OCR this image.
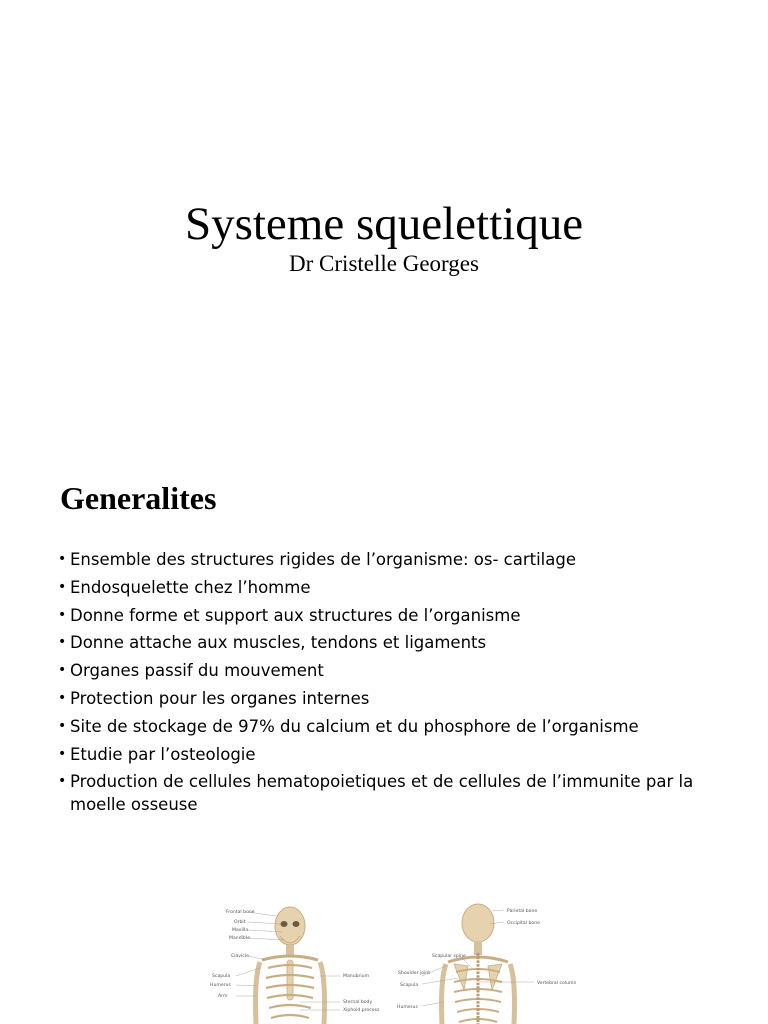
Systeme squelettique
Dr Cristelle Georges
Generalites
• Ensemble des structures rigides de l’organisme: os- cartilage
• Endosquelette chez l’homme
• Donne forme et support aux structures de l’organisme
• Donne attache aux muscles, tendons et ligaments
• Organes passif du mouvement
• Protection pour les organes internes
• Site de stockage de 97% du calcium et du phosphore de l’organisme
• Etudie par l’osteologie
• Production de cellules hematopoietiques et de cellules de l’immunite par la moelle osseuse
Frontal bone
Orbit
Maxilla
Mandible
Clavicle
Scapula
Humerus
Arm
Manubrium
Sternal body
Xiphoid process
Parietal bone
Occipital bone
Scapular spine
Shoulder joint
Scapula
Humerus
Vertebral column
